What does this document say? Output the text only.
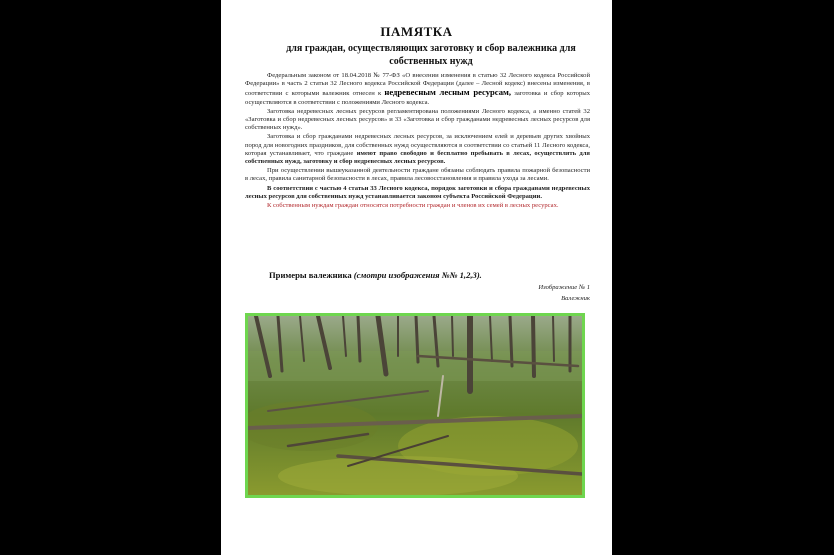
ПАМЯТКА
для граждан, осуществляющих заготовку и сбор валежника для собственных нужд

Федеральным законом от 18.04.2018 № 77-ФЗ «О внесении изменения в статью 32 Лесного кодекса Российской Федерации» в часть 2 статьи 32 Лесного кодекса Российской Федерации (далее – Лесной кодекс) внесены изменения, в соответствии с которыми валежник отнесен к недревесным лесным ресурсам, заготовка и сбор которых осуществляются в соответствии с положениями Лесного кодекса.

Заготовка недревесных лесных ресурсов регламентирована положениями Лесного кодекса, а именно статей 32 «Заготовка и сбор недревесных лесных ресурсов» и 33 «Заготовка и сбор гражданами недревесных лесных ресурсов для собственных нужд».

Заготовка и сбор гражданами недревесных лесных ресурсов, за исключением елей и деревьев других хвойных пород для новогодних праздников, для собственных нужд осуществляются в соответствии со статьей 11 Лесного кодекса, которая устанавливает, что граждане имеют право свободно и бесплатно пребывать в лесах, осуществлять для собственных нужд, заготовку и сбор недревесных лесных ресурсов.

При осуществлении вышеуказанной деятельности граждане обязаны соблюдать правила пожарной безопасности в лесах, правила санитарной безопасности в лесах, правила лесовосстановления и правила ухода за лесами.

В соответствии с частью 4 статьи 33 Лесного кодекса, порядок заготовки и сбора гражданами недревесных лесных ресурсов для собственных нужд устанавливается законом субъекта Российской Федерации.

К собственным нуждам граждан относятся потребности граждан и членов их семей в лесных ресурсах.

Примеры валежника (смотри изображения №№ 1,2,3).
Изображение № 1
Валежник
